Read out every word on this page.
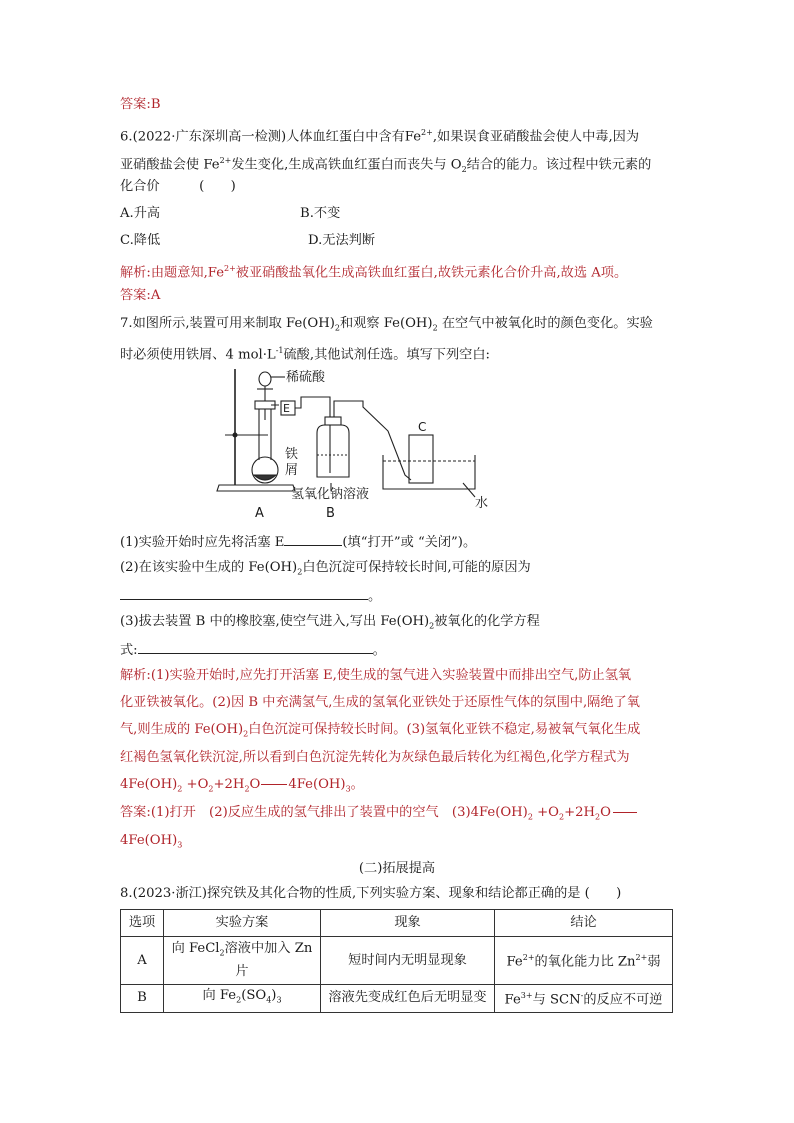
答案:B
6.(2022·广东深圳高一检测)人体血红蛋白中含有$Fe^{2+}$,如果误食亚硝酸盐会使人中毒,因为
亚硝酸盐会使 $Fe^{2+}$发生变化,生成高铁血红蛋白而丧失与 $O_2$结合的能力。该过程中铁元素的
化合价　　　(　　)
A.升高	B.不变
C.降低	D.无法判断
解析:由题意知$,Fe^{2+}$被亚硝酸盐氧化生成高铁血红蛋白,故铁元素化合价升高,故选 A项。
答案:A
7.如图所示,装置可用来制取 $Fe(OH)_2$和观察 $Fe(OH)_2$ 在空气中被氧化时的颜色变化。实验
时必须使用铁屑、4 $mol\cdot L^{-1}$硫酸,其他试剂任选。填写下列空白:
稀硫酸
E
铁
屑
氢氧化钠溶液
C
水
A	B
(1)实验开始时应先将活塞 E	(填“打开”或 “关闭”)。
(2)在该实验中生成的 $Fe(OH)_2$白色沉淀可保持较长时间,可能的原因为
。
(3)拔去装置 B 中的橡胶塞,使空气进入,写出 $Fe(OH)_2$被氧化的化学方程
式:	。
解析:(1)实验开始时,应先打开活塞 E,使生成的氢气进入实验装置中而排出空气,防止氢氧
化亚铁被氧化。(2)因 B 中充满氢气,生成的氢氧化亚铁处于还原性气体的氛围中,隔绝了氧
气,则生成的 $Fe(OH)_2$白色沉淀可保持较长时间。(3)氢氧化亚铁不稳定,易被氧气氧化生成
红褐色氢氧化铁沉淀,所以看到白色沉淀先转化为灰绿色最后转化为红褐色,化学方程式为
$4Fe(OH)_2 +O_2+2H_2O$ $4Fe(OH)_3$。
答案:(1)打开　(2)反应生成的氢气排出了装置中的空气　$(3)4Fe(OH)_2 +O_2+2H_2O$
$4Fe(OH)_3$
(二)拓展提高
8.(2023·浙江)探究铁及其化合物的性质,下列实验方案、现象和结论都正确的是 (　　)
选项	实验方案	现象	结论
A	向 FeCl$_2$溶液中加入 Zn
片	短时间内无明显现象	$Fe^{2+}$的氧化能力比 $Zn^{2+}$弱
B	向 $Fe_2(SO_4)_3$	溶液先变成红色后无明显变	$Fe^{3+}$与 SCN-的反应不可逆
